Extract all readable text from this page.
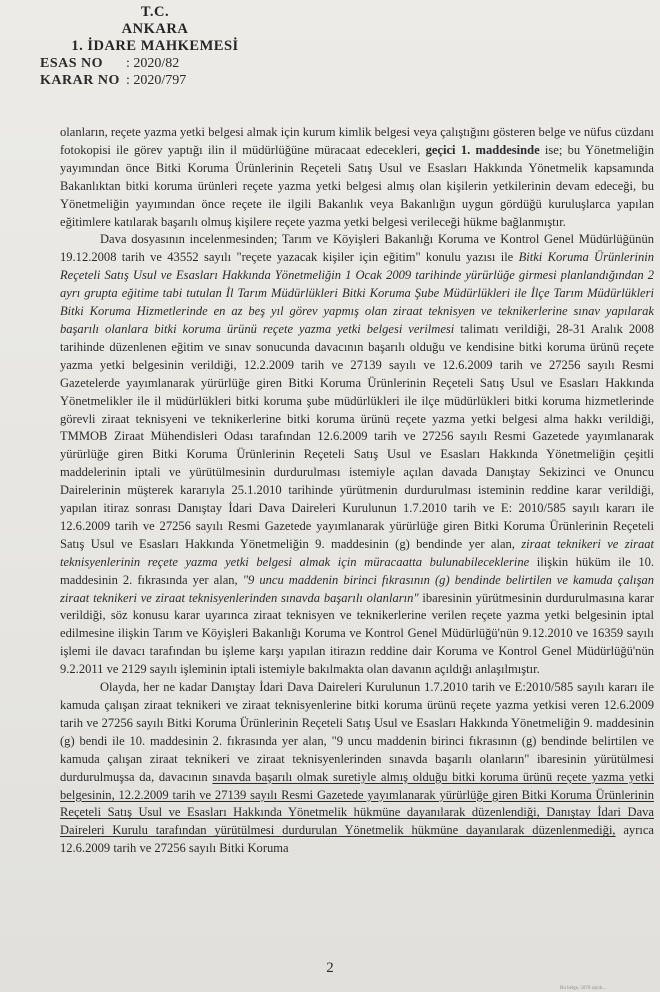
T.C.
ANKARA
1. İDARE MAHKEMESİ
ESAS NO	: 2020/82
KARAR NO : 2020/797

olanların, reçete yazma yetki belgesi almak için kurum kimlik belgesi veya çalıştığını gösteren belge ve nüfus cüzdanı fotokopisi ile görev yaptığı ilin il müdürlüğüne müracaat edecekleri, geçici 1. maddesinde ise; bu Yönetmeliğin yayımından önce Bitki Koruma Ürünlerinin Reçeteli Satış Usul ve Esasları Hakkında Yönetmelik kapsamında Bakanlıktan bitki koruma ürünleri reçete yazma yetki belgesi almış olan kişilerin yetkilerinin devam edeceği, bu Yönetmeliğin yayımından önce reçete ile ilgili Bakanlık veya Bakanlığın uygun gördüğü kuruluşlarca yapılan eğitimlere katılarak başarılı olmuş kişilere reçete yazma yetki belgesi verileceği hükme bağlanmıştır.

Dava dosyasının incelenmesinden; Tarım ve Köyişleri Bakanlığı Koruma ve Kontrol Genel Müdürlüğünün 19.12.2008 tarih ve 43552 sayılı "reçete yazacak kişiler için eğitim" konulu yazısı ile Bitki Koruma Ürünlerinin Reçeteli Satış Usul ve Esasları Hakkında Yönetmeliğin 1 Ocak 2009 tarihinde yürürlüğe girmesi planlandığından 2 ayrı grupta eğitime tabi tutulan İl Tarım Müdürlükleri Bitki Koruma Şube Müdürlükleri ile İlçe Tarım Müdürlükleri Bitki Koruma Hizmetlerinde en az beş yıl görev yapmış olan ziraat teknisyen ve teknikerlerine sınav yapılarak başarılı olanlara bitki koruma ürünü reçete yazma yetki belgesi verilmesi talimatı verildiği, 28-31 Aralık 2008 tarihinde düzenlenen eğitim ve sınav sonucunda davacının başarılı olduğu ve kendisine bitki koruma ürünü reçete yazma yetki belgesinin verildiği, 12.2.2009 tarih ve 27139 sayılı ve 12.6.2009 tarih ve 27256 sayılı Resmi Gazetelerde yayımlanarak yürürlüğe giren Bitki Koruma Ürünlerinin Reçeteli Satış Usul ve Esasları Hakkında Yönetmelikler ile il müdürlükleri bitki koruma şube müdürlükleri ile ilçe müdürlükleri bitki koruma hizmetlerinde görevli ziraat teknisyeni ve teknikerlerine bitki koruma ürünü reçete yazma yetki belgesi alma hakkı verildiği, TMMOB Ziraat Mühendisleri Odası tarafından 12.6.2009 tarih ve 27256 sayılı Resmi Gazetede yayımlanarak yürürlüğe giren Bitki Koruma Ürünlerinin Reçeteli Satış Usul ve Esasları Hakkında Yönetmeliğin çeşitli maddelerinin iptali ve yürütülmesinin durdurulması istemiyle açılan davada Danıştay Sekizinci ve Onuncu Dairelerinin müşterek kararıyla 25.1.2010 tarihinde yürütmenin durdurulması isteminin reddine karar verildiği, yapılan itiraz sonrası Danıştay İdari Dava Daireleri Kurulunun 1.7.2010 tarih ve E: 2010/585 sayılı kararı ile 12.6.2009 tarih ve 27256 sayılı Resmi Gazetede yayımlanarak yürürlüğe giren Bitki Koruma Ürünlerinin Reçeteli Satış Usul ve Esasları Hakkında Yönetmeliğin 9. maddesinin (g) bendinde yer alan, ziraat teknikeri ve ziraat teknisyenlerinin reçete yazma yetki belgesi almak için müracaatta bulunabileceklerine ilişkin hüküm ile 10. maddesinin 2. fıkrasında yer alan, "9 uncu maddenin birinci fıkrasının (g) bendinde belirtilen ve kamuda çalışan ziraat teknikeri ve ziraat teknisyenlerinden sınavda başarılı olanların" ibaresinin yürütmesinin durdurulmasına karar verildiği, söz konusu karar uyarınca ziraat teknisyen ve teknikerlerine verilen reçete yazma yetki belgesinin iptal edilmesine ilişkin Tarım ve Köyişleri Bakanlığı Koruma ve Kontrol Genel Müdürlüğü'nün 9.12.2010 ve 16359 sayılı işlemi ile davacı tarafından bu işleme karşı yapılan itirazın reddine dair Koruma ve Kontrol Genel Müdürlüğü'nün 9.2.2011 ve 2129 sayılı işleminin iptali istemiyle bakılmakta olan davanın açıldığı anlaşılmıştır.

Olayda, her ne kadar Danıştay İdari Dava Daireleri Kurulunun 1.7.2010 tarih ve E:2010/585 sayılı kararı ile kamuda çalışan ziraat teknikeri ve ziraat teknisyenlerine bitki koruma ürünü reçete yazma yetkisi veren 12.6.2009 tarih ve 27256 sayılı Bitki Koruma Ürünlerinin Reçeteli Satış Usul ve Esasları Hakkında Yönetmeliğin 9. maddesinin (g) bendi ile 10. maddesinin 2. fıkrasında yer alan, "9 uncu maddenin birinci fıkrasının (g) bendinde belirtilen ve kamuda çalışan ziraat teknikeri ve ziraat teknisyenlerinden sınavda başarılı olanların" ibaresinin yürütülmesi durdurulmuşsa da, davacının sınavda başarılı olmak suretiyle almış olduğu bitki koruma ürünü reçete yazma yetki belgesinin, 12.2.2009 tarih ve 27139 sayılı Resmi Gazetede yayımlanarak yürürlüğe giren Bitki Koruma Ürünlerinin Reçeteli Satış Usul ve Esasları Hakkında Yönetmelik hükmüne dayanılarak düzenlendiği, Danıştay İdari Dava Daireleri Kurulu tarafından yürütülmesi durdurulan Yönetmelik hükmüne dayanılarak düzenlenmediği, ayrıca 12.6.2009 tarih ve 27256 sayılı Bitki Koruma

2
Bu belge, 5070 sayılı...
